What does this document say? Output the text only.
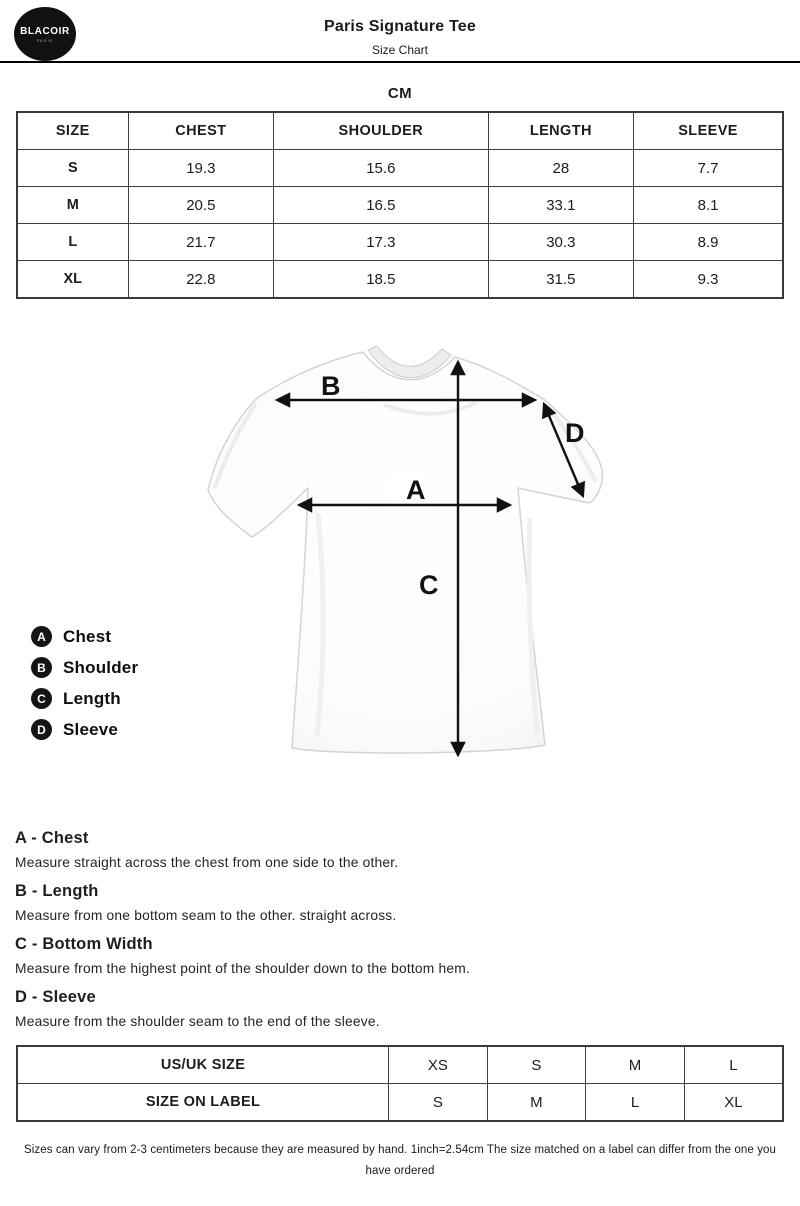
BLACOIR
PARIS
Paris Signature Tee
Size Chart
CM
SIZE	CHEST	SHOULDER	LENGTH	SLEEVE
S	19.3	15.6	28	7.7
M	20.5	16.5	33.1	8.1
L	21.7	17.3	30.3	8.9
XL	22.8	18.5	31.5	9.3
B
A
C
D
A	Chest
B	Shoulder
C	Length
D	Sleeve
A - Chest
Measure straight across the chest from one side to the other.
B - Length
Measure from one bottom seam to the other. straight across.
C - Bottom Width
Measure from the highest point of the shoulder down to the bottom hem.
D - Sleeve
Measure from the shoulder seam to the end of the sleeve.
US/UK SIZE	XS	S	M	L
SIZE ON LABEL	S	M	L	XL
Sizes can vary from 2-3 centimeters because they are measured by hand. 1inch=2.54cm The size matched on a label can differ from the one you have ordered
